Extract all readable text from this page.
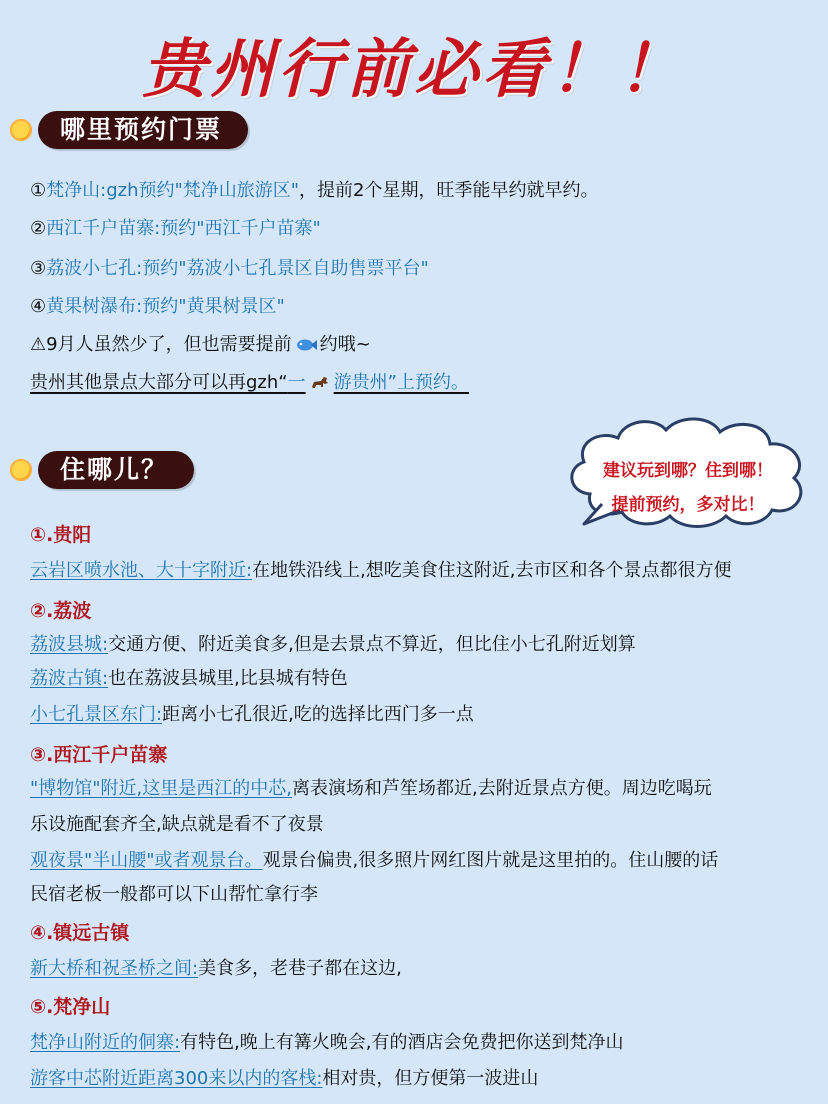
贵州行前必看！！
哪里预约门票
①梵净山:gzh预约"梵净山旅游区"，提前2个星期，旺季能早约就早约。
②西江千户苗寨:预约"西江千户苗寨"
③荔波小七孔:预约"荔波小七孔景区自助售票平台"
④黄果树瀑布:预约"黄果树景区"
⚠9月人虽然少了，但也需要提前 约哦~
贵州其他景点大部分可以再gzh“一 游贵州”上预约。
住哪儿？	建议玩到哪？住到哪！
提前预约，多对比！
①.贵阳
云岩区喷水池、大十字附近:在地铁沿线上,想吃美食住这附近,去市区和各个景点都很方便
②.荔波
荔波县城:交通方便、附近美食多,但是去景点不算近，但比住小七孔附近划算
荔波古镇:也在荔波县城里,比县城有特色
小七孔景区东门:距离小七孔很近,吃的选择比西门多一点
③.西江千户苗寨
"博物馆"附近,这里是西江的中芯,离表演场和芦笙场都近,去附近景点方便。周边吃喝玩
乐设施配套齐全,缺点就是看不了夜景
观夜景"半山腰"或者观景台。观景台偏贵,很多照片网红图片就是这里拍的。住山腰的话
民宿老板一般都可以下山帮忙拿行李
④.镇远古镇
新大桥和祝圣桥之间:美食多，老巷子都在这边,
⑤.梵净山
梵净山附近的侗寨:有特色,晚上有篝火晚会,有的酒店会免费把你送到梵净山
游客中芯附近距离300来以内的客栈:相对贵，但方便第一波进山
